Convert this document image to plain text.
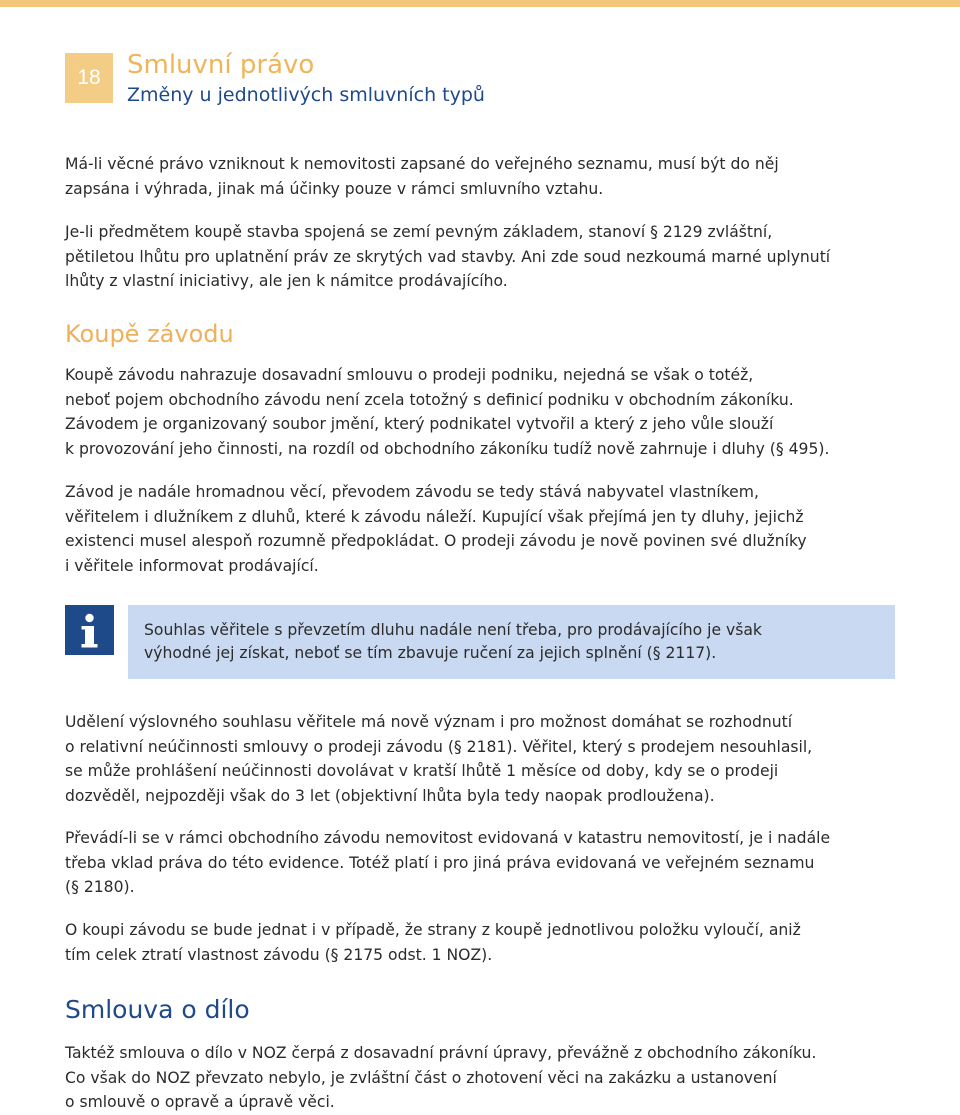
18	Smluvní právo
Změny u jednotlivých smluvních typů

Má-li věcné právo vzniknout k nemovitosti zapsané do veřejného seznamu, musí být do něj
zapsána i výhrada, jinak má účinky pouze v rámci smluvního vztahu.

Je-li předmětem koupě stavba spojená se zemí pevným základem, stanoví § 2129 zvláštní,
pětiletou lhůtu pro uplatnění práv ze skrytých vad stavby. Ani zde soud nezkoumá marné uplynutí
lhůty z vlastní iniciativy, ale jen k námitce prodávajícího.

Koupě závodu

Koupě závodu nahrazuje dosavadní smlouvu o prodeji podniku, nejedná se však o totéž,
neboť pojem obchodního závodu není zcela totožný s definicí podniku v obchodním zákoníku.
Závodem je organizovaný soubor jmění, který podnikatel vytvořil a který z jeho vůle slouží
k provozování jeho činnosti, na rozdíl od obchodního zákoníku tudíž nově zahrnuje i dluhy (§ 495).

Závod je nadále hromadnou věcí, převodem závodu se tedy stává nabyvatel vlastníkem,
věřitelem i dlužníkem z dluhů, které k závodu náleží. Kupující však přejímá jen ty dluhy, jejichž
existenci musel alespoň rozumně předpokládat. O prodeji závodu je nově povinen své dlužníky
i věřitele informovat prodávající.

Souhlas věřitele s převzetím dluhu nadále není třeba, pro prodávajícího je však
výhodné jej získat, neboť se tím zbavuje ručení za jejich splnění (§ 2117).

Udělení výslovného souhlasu věřitele má nově význam i pro možnost domáhat se rozhodnutí
o relativní neúčinnosti smlouvy o prodeji závodu (§ 2181). Věřitel, který s prodejem nesouhlasil,
se může prohlášení neúčinnosti dovolávat v kratší lhůtě 1 měsíce od doby, kdy se o prodeji
dozvěděl, nejpozději však do 3 let (objektivní lhůta byla tedy naopak prodloužena).

Převádí-li se v rámci obchodního závodu nemovitost evidovaná v katastru nemovitostí, je i nadále
třeba vklad práva do této evidence. Totéž platí i pro jiná práva evidovaná ve veřejném seznamu
(§ 2180).

O koupi závodu se bude jednat i v případě, že strany z koupě jednotlivou položku vyloučí, aniž
tím celek ztratí vlastnost závodu (§ 2175 odst. 1 NOZ).

Smlouva o dílo

Taktéž smlouva o dílo v NOZ čerpá z dosavadní právní úpravy, převážně z obchodního zákoníku.
Co však do NOZ převzato nebylo, je zvláštní část o zhotovení věci na zakázku a ustanovení
o smlouvě o opravě a úpravě věci.
